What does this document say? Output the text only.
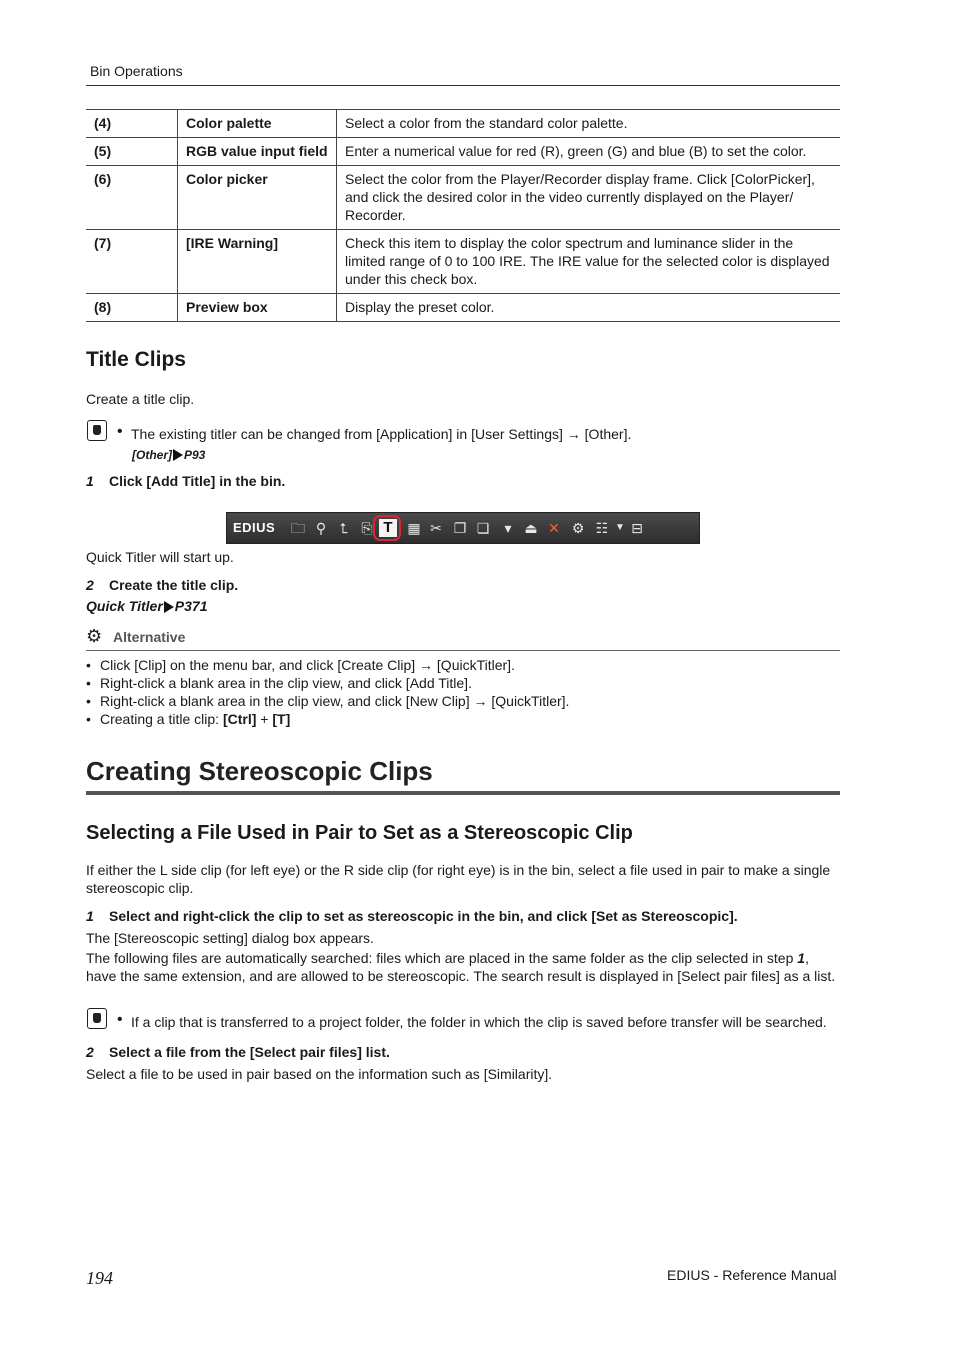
Bin Operations
(4)	Color palette	Select a color from the standard color palette.
(5)	RGB value input field	Enter a numerical value for red (R), green (G) and blue (B) to set the color.
(6)	Color picker	Select the color from the Player/Recorder display frame. Click [ColorPicker], and click the desired color in the video currently displayed on the Player/ Recorder.
(7)	[IRE Warning]	Check this item to display the color spectrum and luminance slider in the limited range of 0 to 100 IRE. The IRE value for the selected color is displayed under this check box.
(8)	Preview box	Display the preset color.
Title Clips
Create a title clip.
• The existing titler can be changed from [Application] in [User Settings] → [Other].
[Other] P93
1 Click [Add Title] in the bin.
EDIUS 🗀 ⚲ ⮤ ⎘ T	▦ ✂ ❐ ❏	▾ ⏏ ✕ ⚙ ☷ ▼ ⊟
Quick Titler will start up.
2 Create the title clip.
Quick Titler P371
⚙ Alternative
• Click [Clip] on the menu bar, and click [Create Clip] → [QuickTitler].
• Right-click a blank area in the clip view, and click [Add Title].
• Right-click a blank area in the clip view, and click [New Clip] → [QuickTitler].
• Creating a title clip: [Ctrl] + [T]
Creating Stereoscopic Clips
Selecting a File Used in Pair to Set as a Stereoscopic Clip
If either the L side clip (for left eye) or the R side clip (for right eye) is in the bin, select a file used in pair to make a single stereoscopic clip.
1 Select and right-click the clip to set as stereoscopic in the bin, and click [Set as Stereoscopic].
The [Stereoscopic setting] dialog box appears.
The following files are automatically searched: files which are placed in the same folder as the clip selected in step 1, have the same extension, and are allowed to be stereoscopic. The search result is displayed in [Select pair files] as a list.
• If a clip that is transferred to a project folder, the folder in which the clip is saved before transfer will be searched.
2 Select a file from the [Select pair files] list.
Select a file to be used in pair based on the information such as [Similarity].
194	EDIUS - Reference Manual
